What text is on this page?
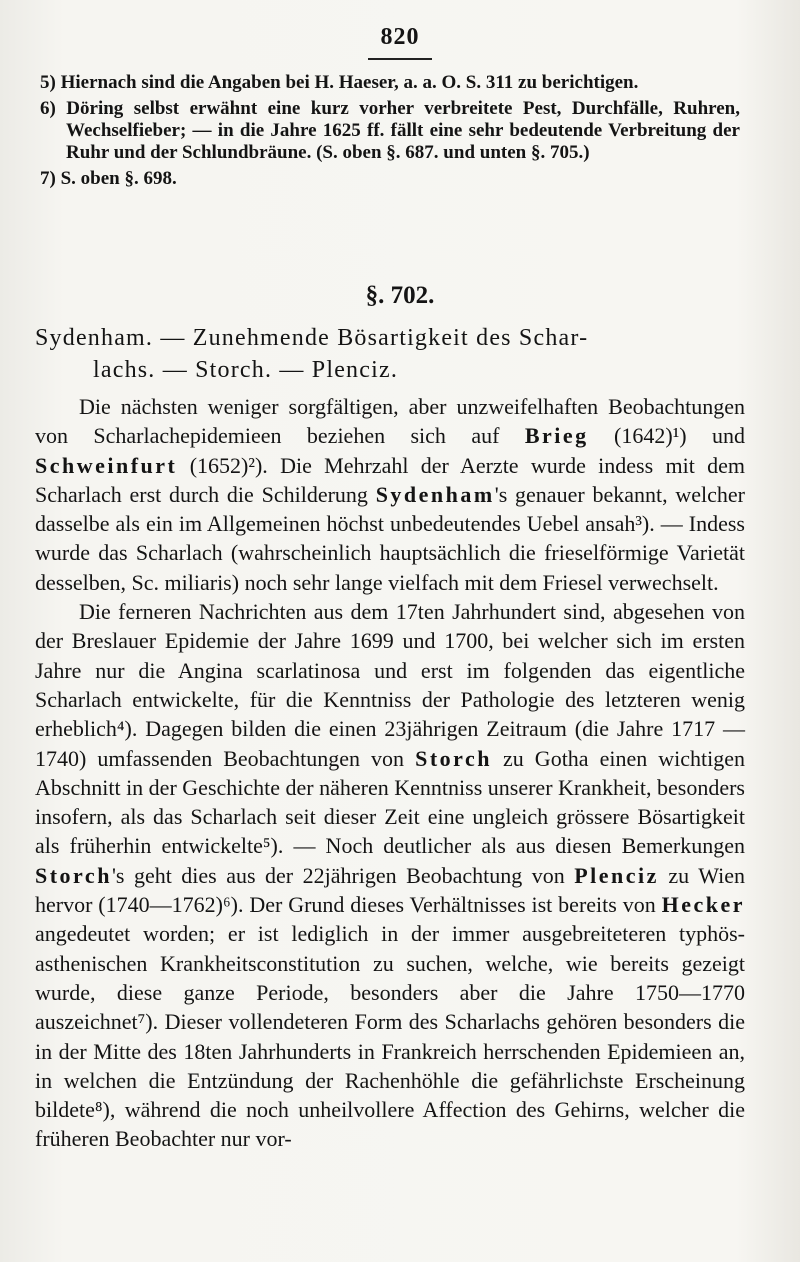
820

5) Hiernach sind die Angaben bei H. Haeser, a. a. O. S. 311 zu berichtigen.

6) Döring selbst erwähnt eine kurz vorher verbreitete Pest, Durchfälle, Ruhren, Wechselfieber; — in die Jahre 1625 ff. fällt eine sehr bedeutende Verbreitung der Ruhr und der Schlundbräune. (S. oben §. 687. und unten §. 705.)

7) S. oben §. 698.

§. 702.
Sydenham. — Zunehmende Bösartigkeit des Schar-
lachs. — Storch. — Plenciz.

Die nächsten weniger sorgfältigen, aber unzweifelhaften Beobachtungen von Scharlachepidemieen beziehen sich auf Brieg (1642)¹) und Schweinfurt (1652)²). Die Mehrzahl der Aerzte wurde indess mit dem Scharlach erst durch die Schilderung Sydenham's genauer bekannt, welcher dasselbe als ein im Allgemeinen höchst unbedeutendes Uebel ansah³). — Indess wurde das Scharlach (wahrscheinlich hauptsächlich die frieselförmige Varietät desselben, Sc. miliaris) noch sehr lange vielfach mit dem Friesel verwechselt.

Die ferneren Nachrichten aus dem 17ten Jahrhundert sind, abgesehen von der Breslauer Epidemie der Jahre 1699 und 1700, bei welcher sich im ersten Jahre nur die Angina scarlatinosa und erst im folgenden das eigentliche Scharlach entwickelte, für die Kenntniss der Pathologie des letzteren wenig erheblich⁴). Dagegen bilden die einen 23jährigen Zeitraum (die Jahre 1717 — 1740) umfassenden Beobachtungen von Storch zu Gotha einen wichtigen Abschnitt in der Geschichte der näheren Kenntniss unserer Krankheit, besonders insofern, als das Scharlach seit dieser Zeit eine ungleich grössere Bösartigkeit als früherhin entwickelte⁵). — Noch deutlicher als aus diesen Bemerkungen Storch's geht dies aus der 22jährigen Beobachtung von Plenciz zu Wien hervor (1740—1762)⁶). Der Grund dieses Verhältnisses ist bereits von Hecker angedeutet worden; er ist lediglich in der immer ausgebreiteteren typhös-asthenischen Krankheitsconstitution zu suchen, welche, wie bereits gezeigt wurde, diese ganze Periode, besonders aber die Jahre 1750—1770 auszeichnet⁷). Dieser vollendeteren Form des Scharlachs gehören besonders die in der Mitte des 18ten Jahrhunderts in Frankreich herrschenden Epidemieen an, in welchen die Entzündung der Rachenhöhle die gefährlichste Erscheinung bildete⁸), während die noch unheilvollere Affection des Gehirns, welcher die früheren Beobachter nur vor-
